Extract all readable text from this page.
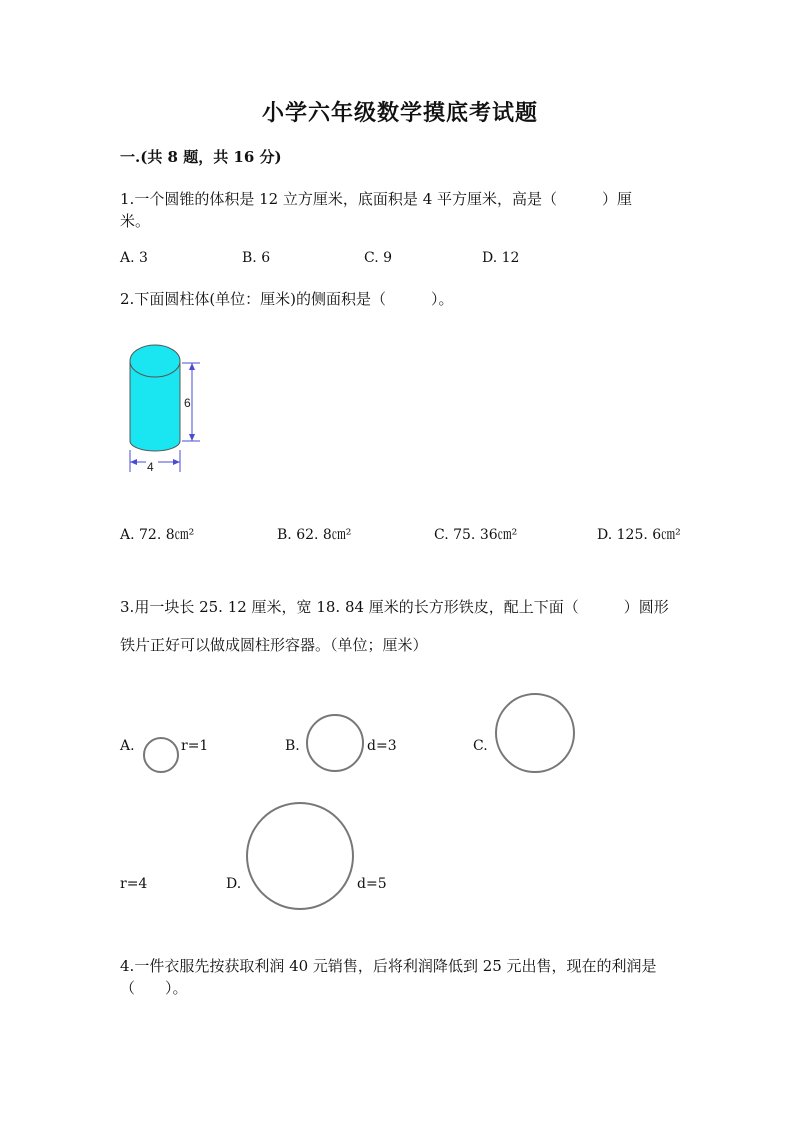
小学六年级数学摸底考试题
一.(共 8 题，共 16 分)
1.一个圆锥的体积是 12 立方厘米，底面积是 4 平方厘米，高是（　　　）厘米。
A. 3	B. 6	C. 9	D. 12
2.下面圆柱体(单位：厘米)的侧面积是（　　　）。
6
4
A. 72. 8㎝²	B. 62. 8㎝²	C. 75. 36㎝²	D. 125. 6㎝²
3.用一块长 25. 12 厘米，宽 18. 84 厘米的长方形铁皮，配上下面（　　　）圆形
铁片正好可以做成圆柱形容器。（单位；厘米）
A.	r=1	B.	d=3	C.
r=4	D.	d=5
4.一件衣服先按获取利润 40 元销售，后将利润降低到 25 元出售，现在的利润是（　　）。
